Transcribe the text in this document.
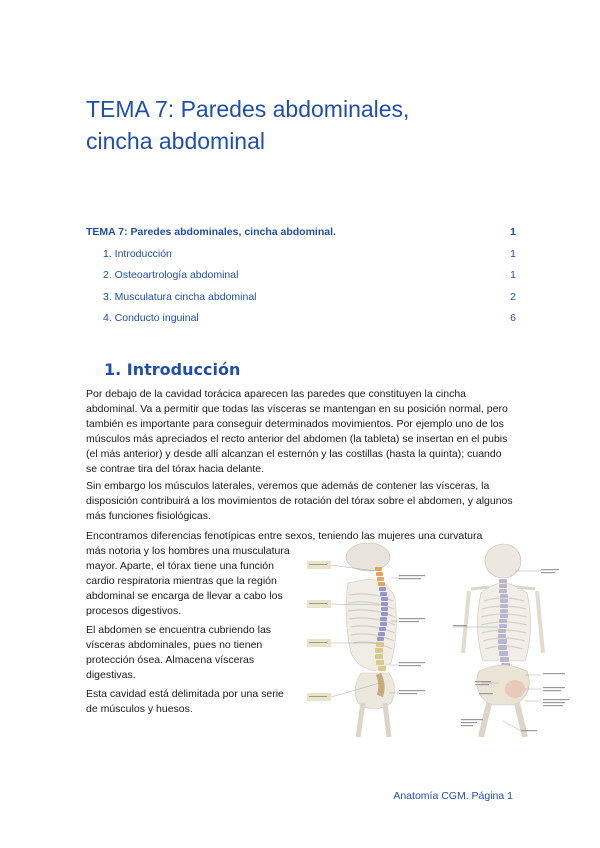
TEMA 7: Paredes abdominales,
cincha abdominal
TEMA 7: Paredes abdominales, cincha abdominal.	1
1. Introducción	1
2. Osteoartrología abdominal	1
3. Musculatura cincha abdominal	2
4. Conducto inguinal	6
1. Introducción

Por debajo de la cavidad torácica aparecen las paredes que constituyen la cincha abdominal. Va a permitir que todas las vísceras se mantengan en su posición normal, pero también es importante para conseguir determinados movimientos. Por ejemplo uno de los músculos más apreciados el recto anterior del abdomen (la tableta) se insertan en el pubis (el más anterior) y desde allí alcanzan el esternón y las costillas (hasta la quinta); cuando se contrae tira del tórax hacia delante.

Sin embargo los músculos laterales, veremos que además de contener las vísceras, la disposición contribuirá a los movimientos de rotación del tórax sobre el abdomen, y algunos más funciones fisiológicas.

Encontramos diferencias fenotípicas entre sexos, teniendo las mujeres una curvatura

más notoria y los hombres una musculatura mayor. Aparte, el tórax tiene una función cardio respiratoria mientras que la región abdominal se encarga de llevar a cabo los procesos digestivos.

El abdomen se encuentra cubriendo las vísceras abdominales, pues no tienen protección ósea. Almacena vísceras digestivas.

Esta cavidad está delimitada por una serie de músculos y huesos.

Anatomía CGM. Página 1
